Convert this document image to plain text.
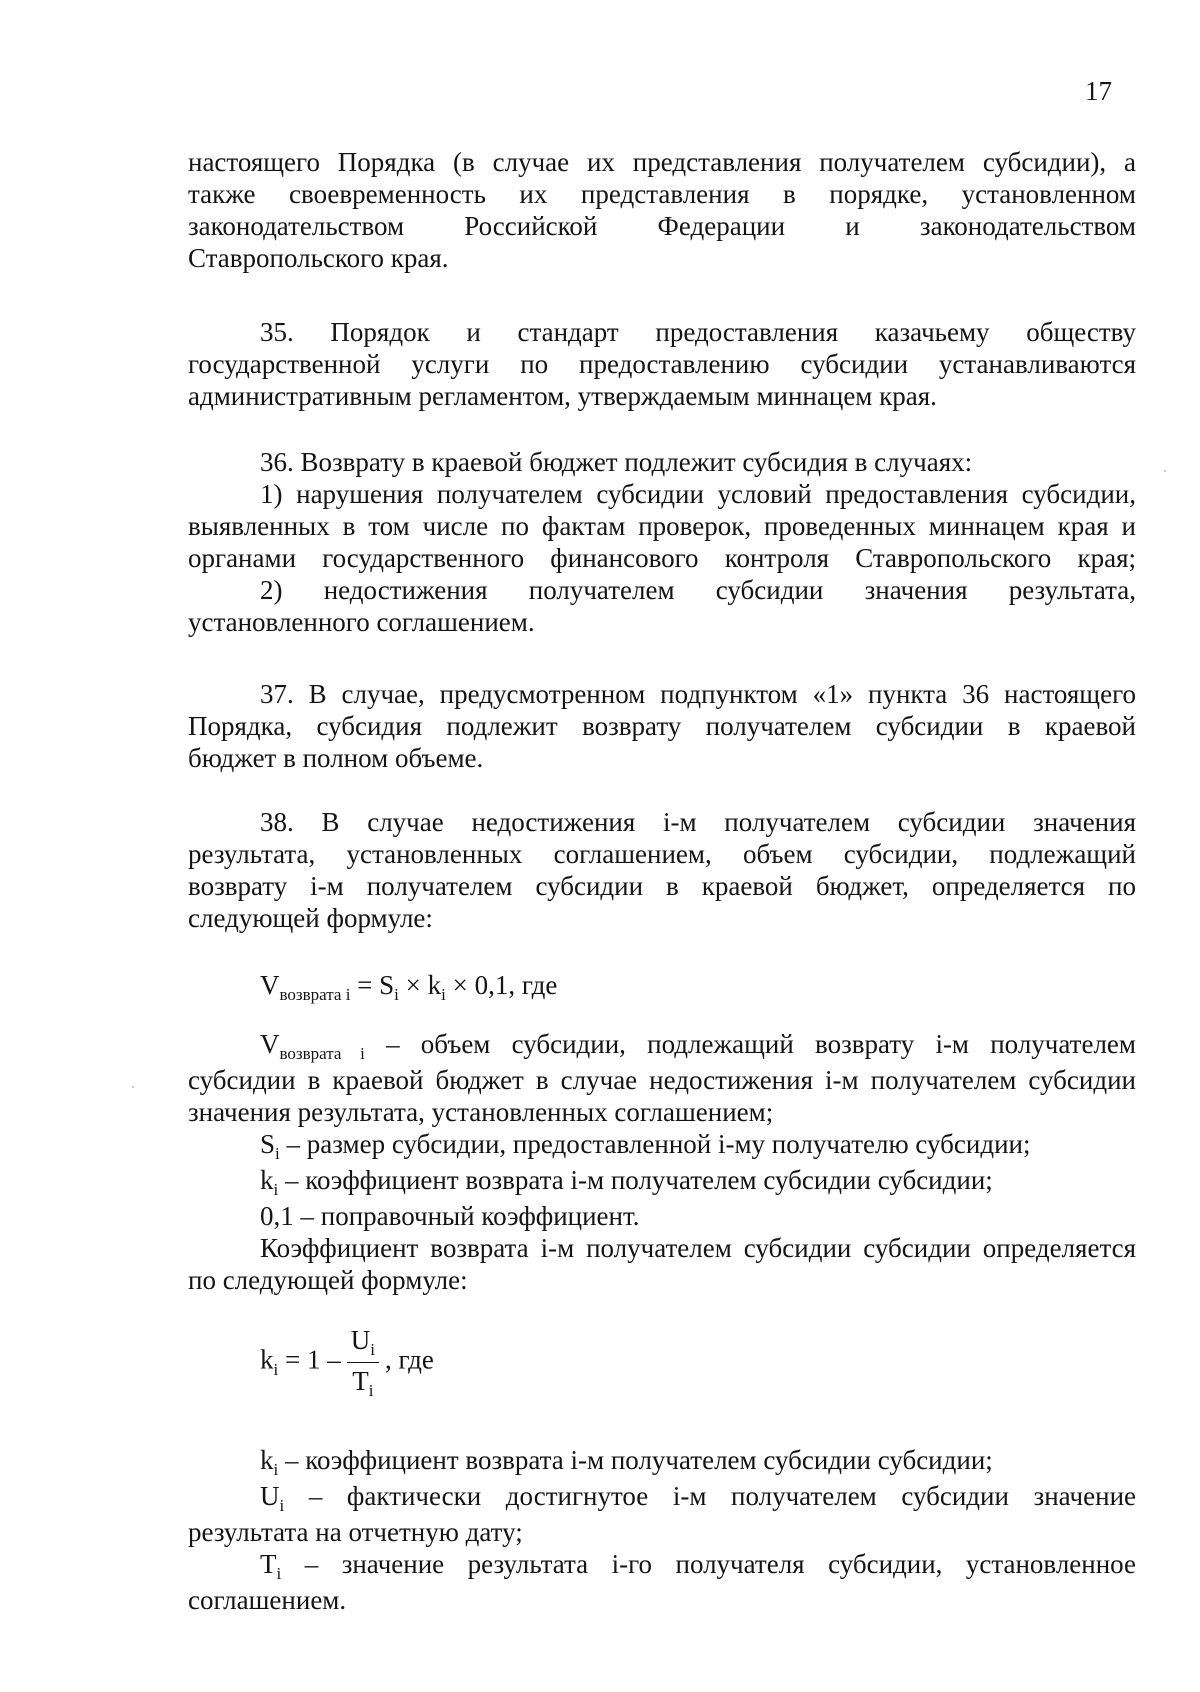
17
настоящего Порядка (в случае их представления получателем субсидии), а
также своевременность их представления в порядке, установленном
законодательством Российской Федерации и законодательством
Ставропольского края.
35. Порядок и стандарт предоставления казачьему обществу
государственной услуги по предоставлению субсидии устанавливаются
административным регламентом, утверждаемым миннацем края.
36. Возврату в краевой бюджет подлежит субсидия в случаях:
1) нарушения получателем субсидии условий предоставления субсидии,
выявленных в том числе по фактам проверок, проведенных миннацем края и
органами государственного финансового контроля Ставропольского края;
2) недостижения получателем субсидии значения результата,
установленного соглашением.
37. В случае, предусмотренном подпунктом «1» пункта 36 настоящего
Порядка, субсидия подлежит возврату получателем субсидии в краевой
бюджет в полном объеме.
38. В случае недостижения i-м получателем субсидии значения
результата, установленных соглашением, объем субсидии, подлежащий
возврату i-м получателем субсидии в краевой бюджет, определяется по
следующей формуле:
$V_{возврата i} = S_i \times k_i \times 0,1$, где
$V_{возврата i}$ – объем субсидии, подлежащий возврату i-м получателем
субсидии в краевой бюджет в случае недостижения i-м получателем субсидии
значения результата, установленных соглашением;
$S_i$ – размер субсидии, предоставленной i-му получателю субсидии;
$k_i$ – коэффициент возврата i-м получателем субсидии субсидии;
0,1 – поправочный коэффициент.
Коэффициент возврата i-м получателем субсидии субсидии определяется
по следующей формуле:
$k_i = 1 - \frac{U_i}{T_i}$ , где
$k_i$ – коэффициент возврата i-м получателем субсидии субсидии;
$U_i$ – фактически достигнутое i-м получателем субсидии значение
результата на отчетную дату;
$T_i$ – значение результата i-го получателя субсидии, установленное
соглашением.
